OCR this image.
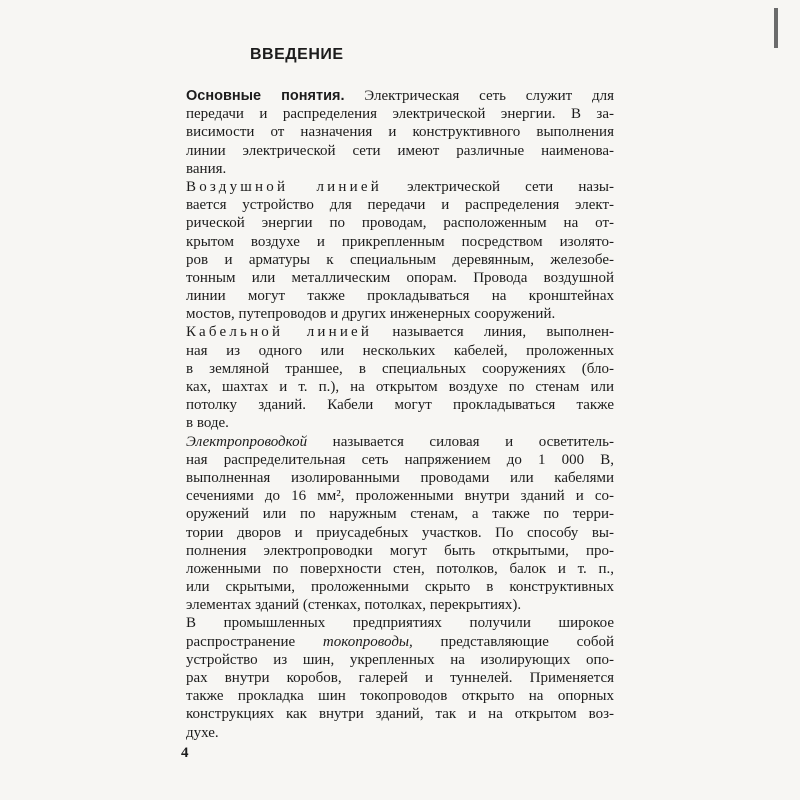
ВВЕДЕНИЕ

Основные понятия. Электрическая сеть служит для
передачи и распределения электрической энергии. В за-
висимости от назначения и конструктивного выполнения
линии электрической сети имеют различные наименова-
вания.

Воздушной линией электрической сети назы-
вается устройство для передачи и распределения элект-
рической энергии по проводам, расположенным на от-
крытом воздухе и прикрепленным посредством изолято-
ров и арматуры к специальным деревянным, железобе-
тонным или металлическим опорам. Провода воздушной
линии могут также прокладываться на кронштейнах
мостов, путепроводов и других инженерных сооружений.

Кабельной линией называется линия, выполнен-
ная из одного или нескольких кабелей, проложенных
в земляной траншее, в специальных сооружениях (бло-
ках, шахтах и т. п.), на открытом воздухе по стенам или
потолку зданий. Кабели могут прокладываться также
в воде.

Электропроводкой называется силовая и осветитель-
ная распределительная сеть напряжением до 1 000 В,
выполненная изолированными проводами или кабелями
сечениями до 16 мм², проложенными внутри зданий и со-
оружений или по наружным стенам, а также по терри-
тории дворов и приусадебных участков. По способу вы-
полнения электропроводки могут быть открытыми, про-
ложенными по поверхности стен, потолков, балок и т. п.,
или скрытыми, проложенными скрыто в конструктивных
элементах зданий (стенках, потолках, перекрытиях).

В промышленных предприятиях получили широкое
распространение токопроводы, представляющие собой
устройство из шин, укрепленных на изолирующих опо-
рах внутри коробов, галерей и туннелей. Применяется
также прокладка шин токопроводов открыто на опорных
конструкциях как внутри зданий, так и на открытом воз-
духе.

4
